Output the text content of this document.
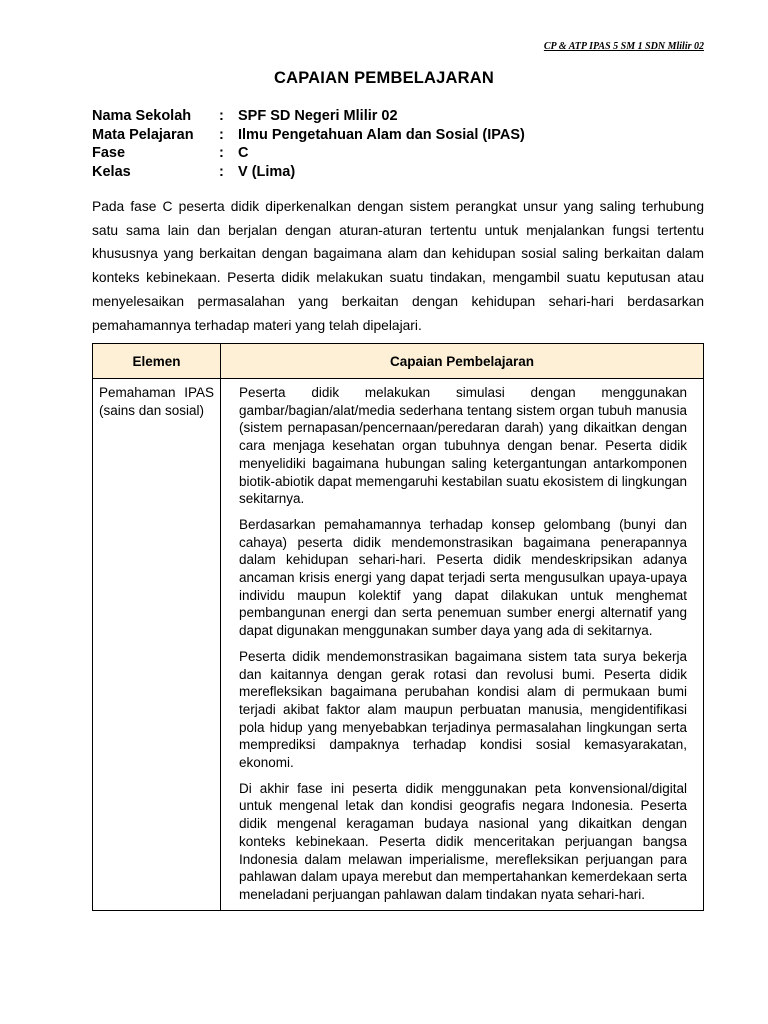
CP & ATP IPAS 5 SM 1 SDN Mlilir 02
CAPAIAN PEMBELAJARAN
Nama Sekolah	: SPF SD Negeri Mlilir 02
Mata Pelajaran	: Ilmu Pengetahuan Alam dan Sosial (IPAS)
Fase	: C
Kelas	: V (Lima)

Pada fase C peserta didik diperkenalkan dengan sistem perangkat unsur yang saling terhubung satu sama lain dan berjalan dengan aturan-aturan tertentu untuk menjalankan fungsi tertentu khususnya yang berkaitan dengan bagaimana alam dan kehidupan sosial saling berkaitan dalam konteks kebinekaan. Peserta didik melakukan suatu tindakan, mengambil suatu keputusan atau menyelesaikan permasalahan yang berkaitan dengan kehidupan sehari-hari berdasarkan pemahamannya terhadap materi yang telah dipelajari.

Elemen	Capaian Pembelajaran
Pemahaman IPAS (sains dan sosial)	Peserta didik melakukan simulasi dengan menggunakan gambar/bagian/alat/media sederhana tentang sistem organ tubuh manusia (sistem pernapasan/pencernaan/peredaran darah) yang dikaitkan dengan cara menjaga kesehatan organ tubuhnya dengan benar. Peserta didik menyelidiki bagaimana hubungan saling ketergantungan antarkomponen biotik-abiotik dapat memengaruhi kestabilan suatu ekosistem di lingkungan sekitarnya.

Berdasarkan pemahamannya terhadap konsep gelombang (bunyi dan cahaya) peserta didik mendemonstrasikan bagaimana penerapannya dalam kehidupan sehari-hari. Peserta didik mendeskripsikan adanya ancaman krisis energi yang dapat terjadi serta mengusulkan upaya-upaya individu maupun kolektif yang dapat dilakukan untuk menghemat pembangunan energi dan serta penemuan sumber energi alternatif yang dapat digunakan menggunakan sumber daya yang ada di sekitarnya.

Peserta didik mendemonstrasikan bagaimana sistem tata surya bekerja dan kaitannya dengan gerak rotasi dan revolusi bumi. Peserta didik merefleksikan bagaimana perubahan kondisi alam di permukaan bumi terjadi akibat faktor alam maupun perbuatan manusia, mengidentifikasi pola hidup yang menyebabkan terjadinya permasalahan lingkungan serta memprediksi dampaknya terhadap kondisi sosial kemasyarakatan, ekonomi.

Di akhir fase ini peserta didik menggunakan peta konvensional/digital untuk mengenal letak dan kondisi geografis negara Indonesia. Peserta didik mengenal keragaman budaya nasional yang dikaitkan dengan konteks kebinekaan. Peserta didik menceritakan perjuangan bangsa Indonesia dalam melawan imperialisme, merefleksikan perjuangan para pahlawan dalam upaya merebut dan mempertahankan kemerdekaan serta meneladani perjuangan pahlawan dalam tindakan nyata sehari-hari.
